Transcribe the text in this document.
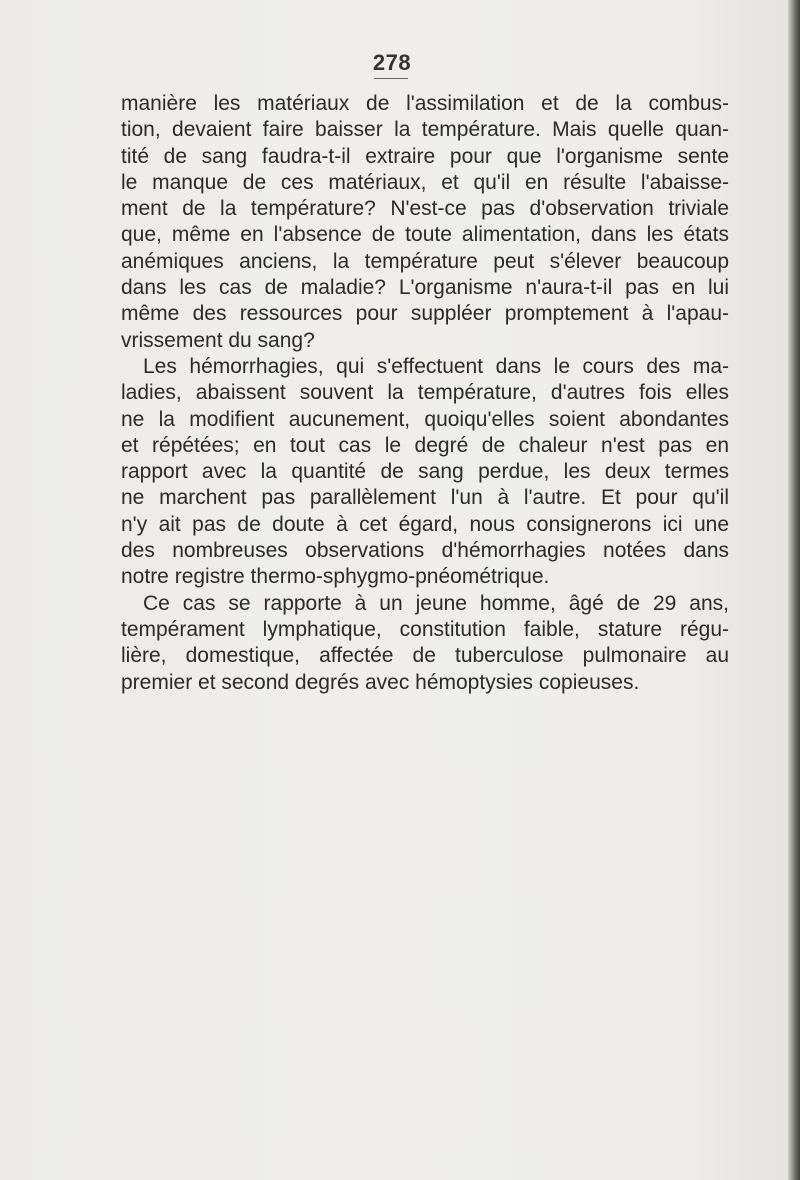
278
manière les matériaux de l'assimilation et de la combus-
tion, devaient faire baisser la température. Mais quelle quan-
tité de sang faudra-t-il extraire pour que l'organisme sente
le manque de ces matériaux, et qu'il en résulte l'abaisse-
ment de la température? N'est-ce pas d'observation triviale
que, même en l'absence de toute alimentation, dans les états
anémiques anciens, la température peut s'élever beaucoup
dans les cas de maladie? L'organisme n'aura-t-il pas en lui
même des ressources pour suppléer promptement à l'apau-
vrissement du sang?
Les hémorrhagies, qui s'effectuent dans le cours des ma-
ladies, abaissent souvent la température, d'autres fois elles
ne la modifient aucunement, quoiqu'elles soient abondantes
et répétées; en tout cas le degré de chaleur n'est pas en
rapport avec la quantité de sang perdue, les deux termes
ne marchent pas parallèlement l'un à l'autre. Et pour qu'il
n'y ait pas de doute à cet égard, nous consignerons ici une
des nombreuses observations d'hémorrhagies notées dans
notre registre thermo-sphygmo-pnéométrique.
Ce cas se rapporte à un jeune homme, âgé de 29 ans,
tempérament lymphatique, constitution faible, stature régu-
lière, domestique, affectée de tuberculose pulmonaire au
premier et second degrés avec hémoptysies copieuses.
